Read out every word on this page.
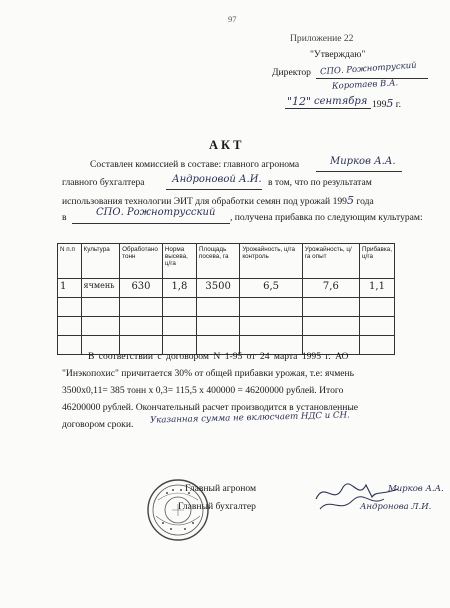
97
Приложение 22
"Утверждаю"
Директор СПО. Рожнотруский
Коротаев В.А.
"12" сентября 1995 г.
АКТ
Составлен комиссией в составе: главного агронома	Мирков А.А.
главного бухгалтера	Андроновой А.И. в том, что по результатам
использования технологии ЭИТ для обработки семян под урожай 1995 года
в	СПО. Рожнотрусский , получена прибавка по следующим культурам:
N п.п	Культура	Обработано тонн	Норма высева, ц/га	Площадь посева, га	Урожайность, ц/га контроль	Урожайность, ц/га опыт	Прибавка, ц/га
1	ячмень	630	1,8	3500	6,5	7,6	1,1

В соответствии с договором N 1-95 от 24 марта 1995 г. АО
"Инэкопохис" причитается 30% от общей прибавки урожая, т.е: ячмень
3500х0,11= 385 тонн х 0,3= 115,5 х 400000 = 46200000 рублей. Итого
46200000 рублей. Окончательный расчет производится в установленные
договором сроки. Указанная сумма не вклюсчает НДС и СН.
Главный агроном
Главный бухгалтер
Мирков А.А.
Андронова Л.И.
